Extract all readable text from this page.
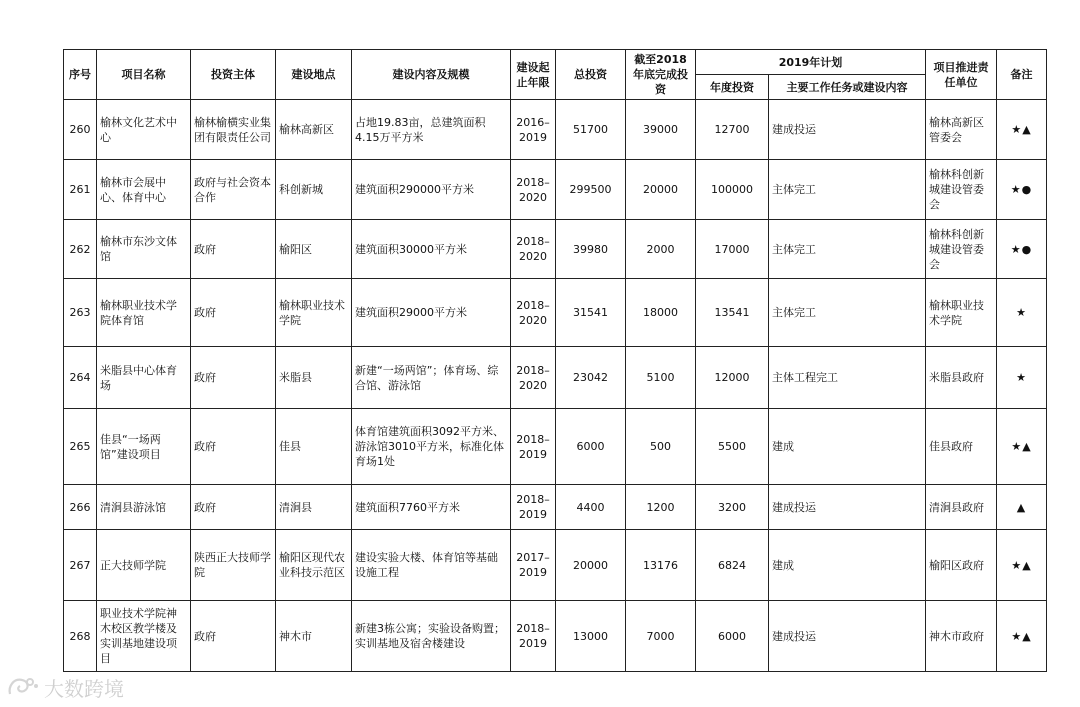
序号	项目名称	投资主体	建设地点	建设内容及规模	建设起止年限	总投资	截至2018年底完成投资	2019年计划		项目推进责任单位	备注
								年度投资	主要工作任务或建设内容		
260	榆林文化艺术中心	榆林榆横实业集团有限责任公司	榆林高新区	占地19.83亩，总建筑面积4.15万平方米	2016–2019	51700	39000	12700	建成投运	榆林高新区管委会	★▲
261	榆林市会展中心、体育中心	政府与社会资本合作	科创新城	建筑面积290000平方米	2018–2020	299500	20000	100000	主体完工	榆林科创新城建设管委会	★●
262	榆林市东沙文体馆	政府	榆阳区	建筑面积30000平方米	2018–2020	39980	2000	17000	主体完工	榆林科创新城建设管委会	★●
263	榆林职业技术学院体育馆	政府	榆林职业技术学院	建筑面积29000平方米	2018–2020	31541	18000	13541	主体完工	榆林职业技术学院	★
264	米脂县中心体育场	政府	米脂县	新建“一场两馆”；体育场、综合馆、游泳馆	2018–2020	23042	5100	12000	主体工程完工	米脂县政府	★
265	佳县“一场两馆”建设项目	政府	佳县	体育馆建筑面积3092平方米、游泳馆3010平方米，标准化体育场1处	2018–2019	6000	500	5500	建成	佳县政府	★▲
266	清涧县游泳馆	政府	清涧县	建筑面积7760平方米	2018–2019	4400	1200	3200	建成投运	清涧县政府	▲
267	正大技师学院	陕西正大技师学院	榆阳区现代农业科技示范区	建设实验大楼、体育馆等基础设施工程	2017–2019	20000	13176	6824	建成	榆阳区政府	★▲
268	职业技术学院神木校区教学楼及实训基地建设项目	政府	神木市	新建3栋公寓；实验设备购置；实训基地及宿舍楼建设	2018–2019	13000	7000	6000	建成投运	神木市政府	★▲
大数跨境
